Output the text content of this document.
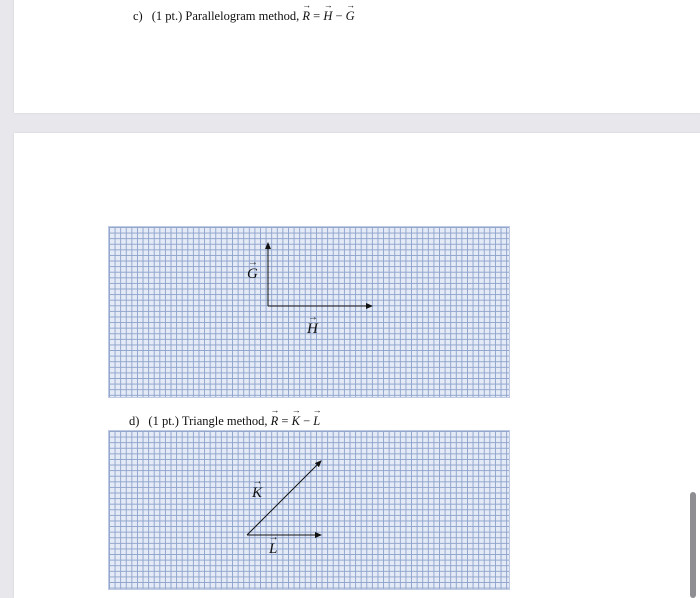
c) (1 pt.) Parallelogram method, → R = → H − → G
→ G
→ H
d) (1 pt.) Triangle method, → R = → K − → L
→ K
→ L
